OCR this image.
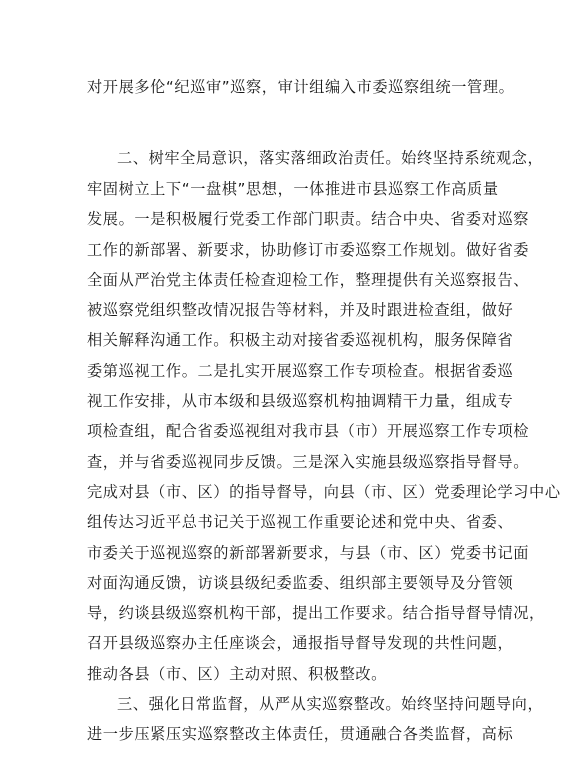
对开展多伦“纪巡审”巡察，审计组编入市委巡察组统一管理。
二、树牢全局意识，落实落细政治责任。始终坚持系统观念，
牢固树立上下“一盘棋”思想，一体推进市县巡察工作高质量
发展。一是积极履行党委工作部门职责。结合中央、省委对巡察
工作的新部署、新要求，协助修订市委巡察工作规划。做好省委
全面从严治党主体责任检查迎检工作，整理提供有关巡察报告、
被巡察党组织整改情况报告等材料，并及时跟进检查组，做好
相关解释沟通工作。积极主动对接省委巡视机构，服务保障省
委第巡视工作。二是扎实开展巡察工作专项检查。根据省委巡
视工作安排，从市本级和县级巡察机构抽调精干力量，组成专
项检查组，配合省委巡视组对我市县（市）开展巡察工作专项检
查，并与省委巡视同步反馈。三是深入实施县级巡察指导督导。
完成对县（市、区）的指导督导，向县（市、区）党委理论学习中心
组传达习近平总书记关于巡视工作重要论述和党中央、省委、
市委关于巡视巡察的新部署新要求，与县（市、区）党委书记面
对面沟通反馈，访谈县级纪委监委、组织部主要领导及分管领
导，约谈县级巡察机构干部，提出工作要求。结合指导督导情况，
召开县级巡察办主任座谈会，通报指导督导发现的共性问题，
推动各县（市、区）主动对照、积极整改。
三、强化日常监督，从严从实巡察整改。始终坚持问题导向，
进一步压紧压实巡察整改主体责任，贯通融合各类监督，高标
